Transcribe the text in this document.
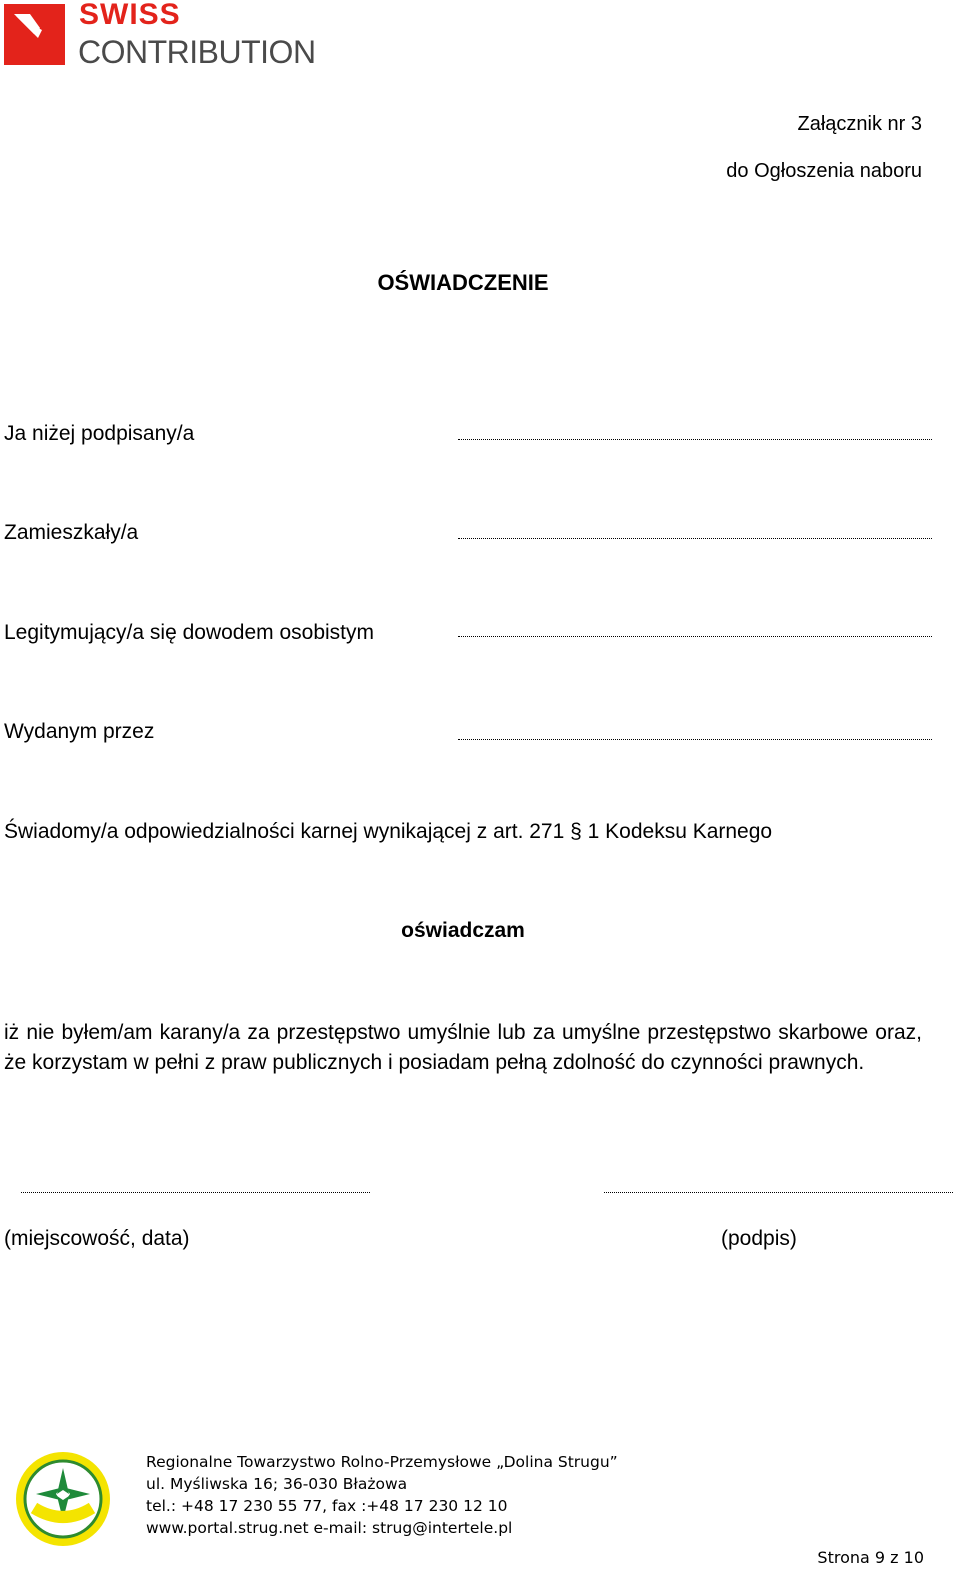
SWISS
CONTRIBUTION
Załącznik nr 3
do Ogłoszenia naboru
OŚWIADCZENIE
Ja niżej podpisany/a
Zamieszkały/a
Legitymujący/a się dowodem osobistym
Wydanym przez
Świadomy/a odpowiedzialności karnej wynikającej z art. 271 § 1 Kodeksu Karnego
oświadczam
iż nie byłem/am karany/a za przestępstwo umyślnie lub za umyślne przestępstwo skarbowe oraz, że korzystam w pełni z praw publicznych i posiadam pełną zdolność do czynności prawnych.
(miejscowość, data)	(podpis)
Regionalne Towarzystwo Rolno-Przemysłowe „Dolina Strugu”
ul. Myśliwska 16; 36-030 Błażowa
tel.: +48 17 230 55 77, fax :+48 17 230 12 10
www.portal.strug.net e-mail: strug@intertele.pl
Strona 9 z 10
